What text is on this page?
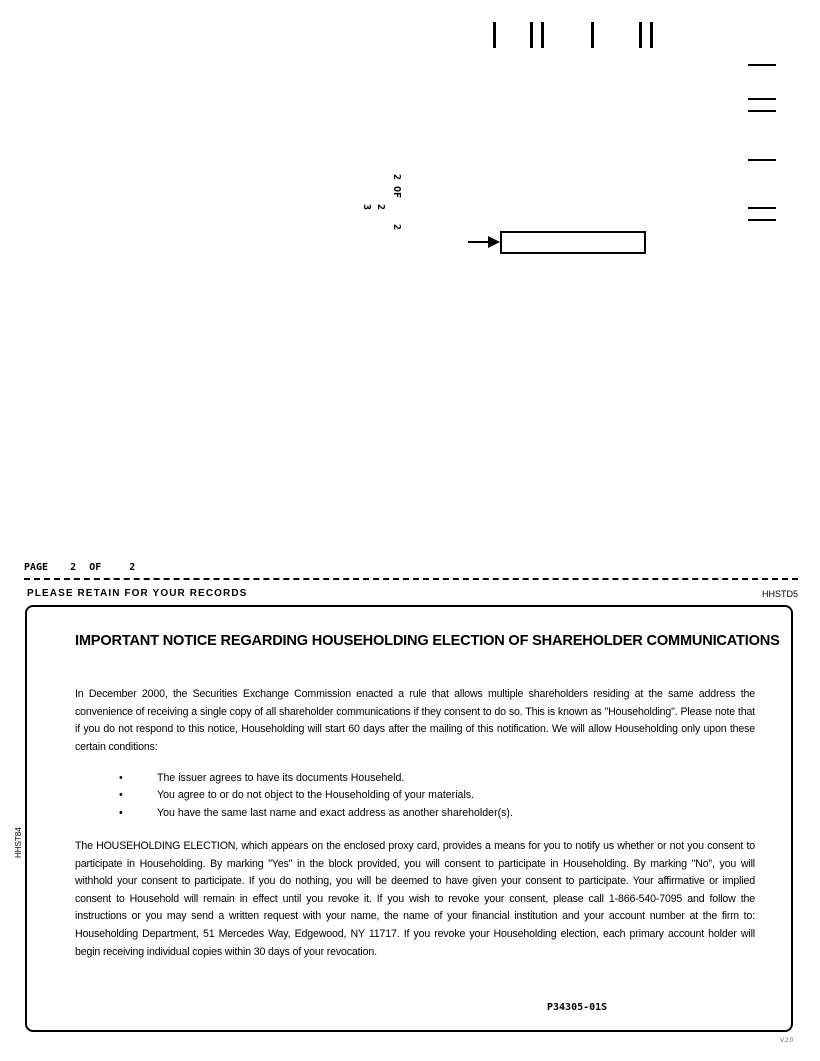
2
OF
2
3
2
PAGE 2 OF	2
PLEASE RETAIN FOR YOUR RECORDS	HHSTD5
HHST84
IMPORTANT NOTICE REGARDING HOUSEHOLDING ELECTION OF SHAREHOLDER COMMUNICATIONS
In December 2000, the Securities Exchange Commission enacted a rule that allows multiple shareholders residing at the same address the convenience of receiving a single copy of all shareholder communications if they consent to do so. This is known as "Householding". Please note that if you do not respond to this notice, Householding will start 60 days after the mailing of this notification. We will allow Householding only upon these certain conditions:
•	The issuer agrees to have its documents Househeld.
•	You agree to or do not object to the Householding of your materials.
•	You have the same last name and exact address as another shareholder(s).
The HOUSEHOLDING ELECTION, which appears on the enclosed proxy card, provides a means for you to notify us whether or not you consent to participate in Householding. By marking "Yes" in the block provided, you will consent to participate in Householding. By marking "No", you will withhold your consent to participate. If you do nothing, you will be deemed to have given your consent to participate. Your affirmative or implied consent to Household will remain in effect until you revoke it. If you wish to revoke your consent, please call 1-866-540-7095 and follow the instructions or you may send a written request with your name, the name of your financial institution and your account number at the firm to: Householding Department, 51 Mercedes Way, Edgewood, NY 11717. If you revoke your Householding election, each primary account holder will begin receiving individual copies within 30 days of your revocation.
P34305-01S
V.2.0
